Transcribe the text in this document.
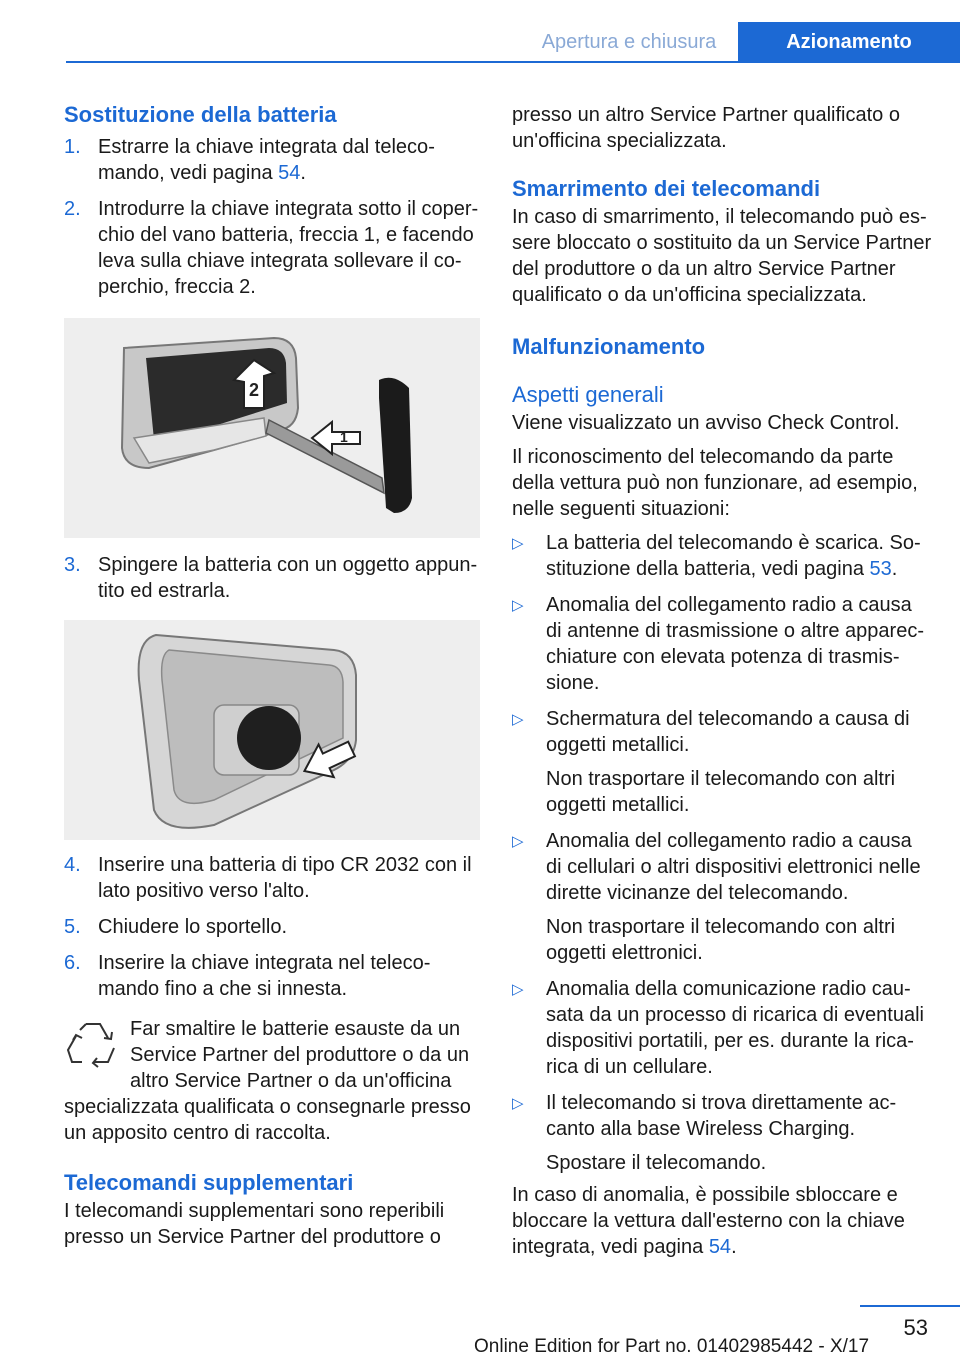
Apertura e chiusura	Azionamento
Sostituzione della batteria
1. Estrarre la chiave integrata dal telecomando, vedi pagina 54.
2. Introdurre la chiave integrata sotto il coperchio del vano batteria, freccia 1, e facendo leva sulla chiave integrata sollevare il coperchio, freccia 2.
1
2
3. Spingere la batteria con un oggetto appuntito ed estrarla.
4. Inserire una batteria di tipo CR 2032 con il lato positivo verso l'alto.
5. Chiudere lo sportello.
6. Inserire la chiave integrata nel telecomando fino a che si innesta.

Far smaltire le batterie esauste da un Service Partner del produttore o da un altro Service Partner o da un'officina specializzata qualificata o consegnarle presso un apposito centro di raccolta.

Telecomandi supplementari

I telecomandi supplementari sono reperibili presso un Service Partner del produttore o

presso un altro Service Partner qualificato o un'officina specializzata.

Smarrimento dei telecomandi

In caso di smarrimento, il telecomando può essere bloccato o sostituito da un Service Partner del produttore o da un altro Service Partner qualificato o da un'officina specializzata.

Malfunzionamento
Aspetti generali

Viene visualizzato un avviso Check Control.

Il riconoscimento del telecomando da parte della vettura può non funzionare, ad esempio, nelle seguenti situazioni:

▷	La batteria del telecomando è scarica. Sostituzione della batteria, vedi pagina 53.
▷	Anomalia del collegamento radio a causa di antenne di trasmissione o altre apparecchiature con elevata potenza di trasmissione.
▷	Schermatura del telecomando a causa di oggetti metallici.

Non trasportare il telecomando con altri oggetti metallici.

▷	Anomalia del collegamento radio a causa di cellulari o altri dispositivi elettronici nelle dirette vicinanze del telecomando.

Non trasportare il telecomando con altri oggetti elettronici.

▷	Anomalia della comunicazione radio causata da un processo di ricarica di eventuali dispositivi portatili, per es. durante la ricarica di un cellulare.
▷	Il telecomando si trova direttamente accanto alla base Wireless Charging.

Spostare il telecomando.

In caso di anomalia, è possibile sbloccare e bloccare la vettura dall'esterno con la chiave integrata, vedi pagina 54.

53
Online Edition for Part no. 01402985442 - X/17
